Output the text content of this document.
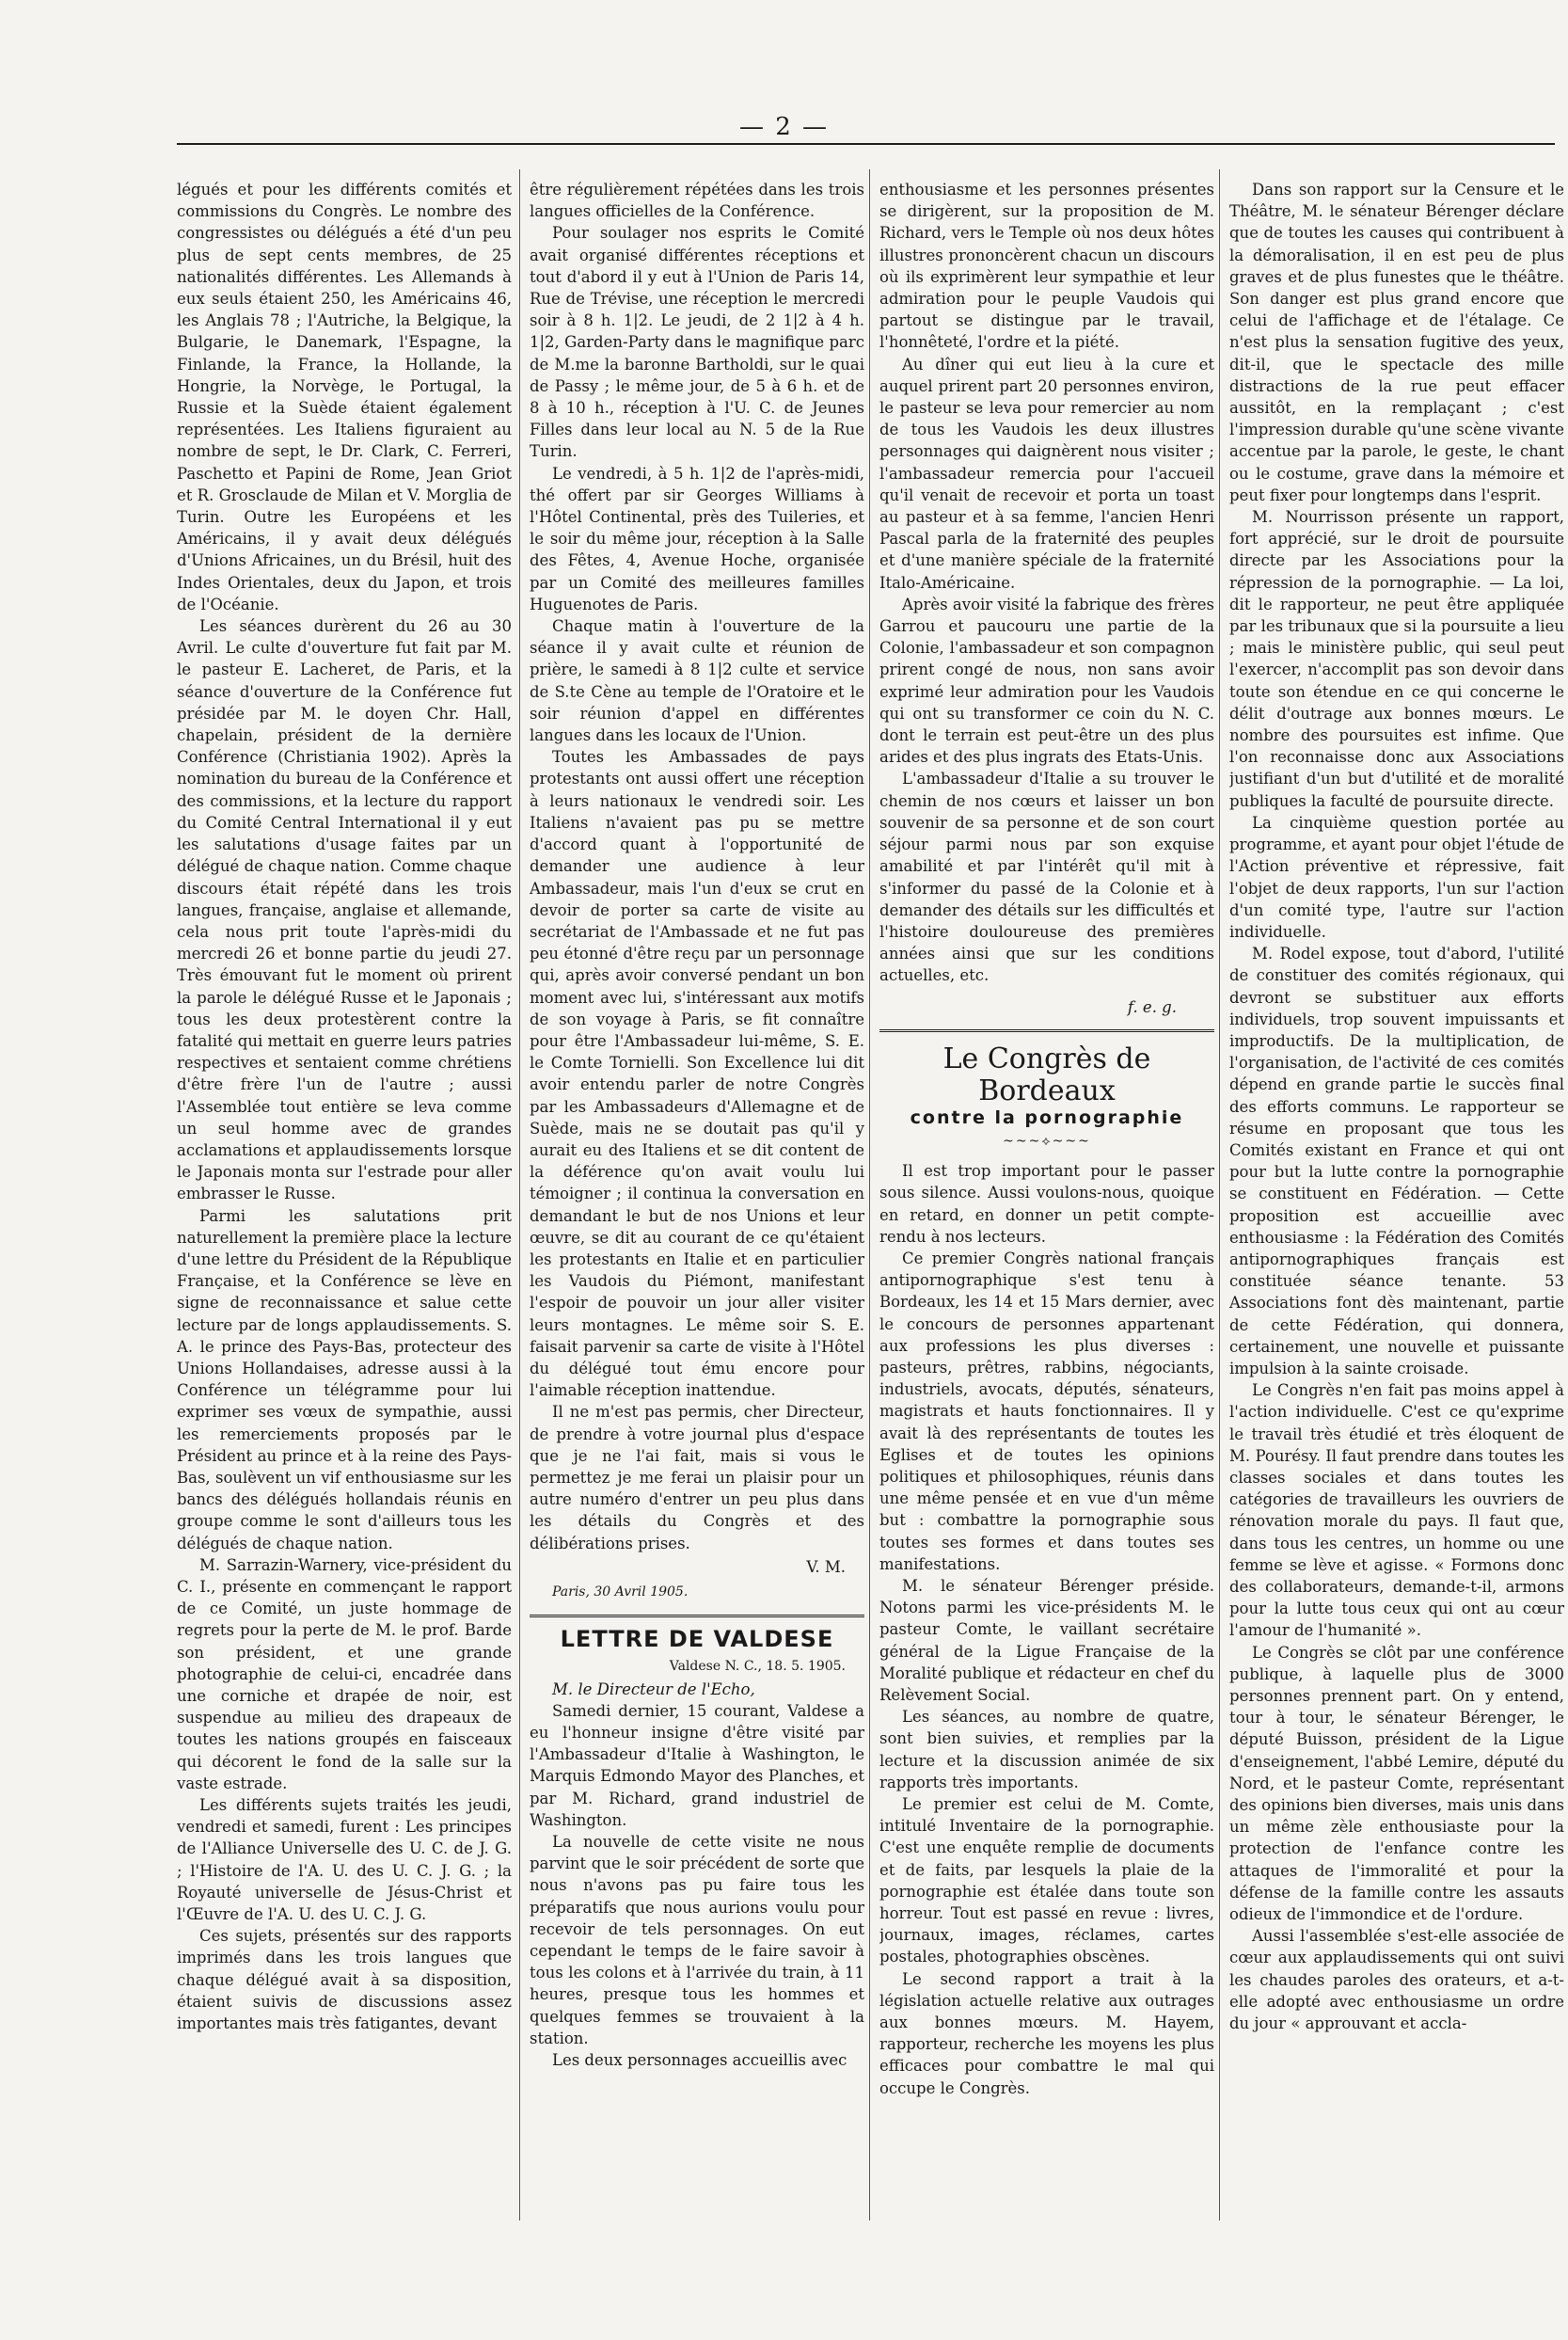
— 2 —

légués et pour les différents comités et commissions du Congrès. Le nombre des congressistes ou délégués a été d'un peu plus de sept cents membres, de 25 nationalités différentes. Les Allemands à eux seuls étaient 250, les Américains 46, les Anglais 78 ; l'Autriche, la Belgique, la Bulgarie, le Danemark, l'Espagne, la Finlande, la France, la Hollande, la Hongrie, la Norvège, le Portugal, la Russie et la Suède étaient également représentées. Les Italiens figuraient au nombre de sept, le Dr. Clark, C. Ferreri, Paschetto et Papini de Rome, Jean Griot et R. Grosclaude de Milan et V. Morglia de Turin. Outre les Européens et les Américains, il y avait deux délégués d'Unions Africaines, un du Brésil, huit des Indes Orientales, deux du Japon, et trois de l'Océanie.

Les séances durèrent du 26 au 30 Avril. Le culte d'ouverture fut fait par M. le pasteur E. Lacheret, de Paris, et la séance d'ouverture de la Conférence fut présidée par M. le doyen Chr. Hall, chapelain, président de la dernière Conférence (Christiania 1902). Après la nomination du bureau de la Conférence et des commissions, et la lecture du rapport du Comité Central International il y eut les salutations d'usage faites par un délégué de chaque nation. Comme chaque discours était répété dans les trois langues, française, anglaise et allemande, cela nous prit toute l'après-midi du mercredi 26 et bonne partie du jeudi 27. Très émouvant fut le moment où prirent la parole le délégué Russe et le Japonais ; tous les deux protestèrent contre la fatalité qui mettait en guerre leurs patries respectives et sentaient comme chrétiens d'être frère l'un de l'autre ; aussi l'Assemblée tout entière se leva comme un seul homme avec de grandes acclamations et applaudissements lorsque le Japonais monta sur l'estrade pour aller embrasser le Russe.

Parmi les salutations prit naturellement la première place la lecture d'une lettre du Président de la République Française, et la Conférence se lève en signe de reconnaissance et salue cette lecture par de longs applaudissements. S. A. le prince des Pays-Bas, protecteur des Unions Hollandaises, adresse aussi à la Conférence un télégramme pour lui exprimer ses vœux de sympathie, aussi les remerciements proposés par le Président au prince et à la reine des Pays-Bas, soulèvent un vif enthousiasme sur les bancs des délégués hollandais réunis en groupe comme le sont d'ailleurs tous les délégués de chaque nation.

M. Sarrazin-Warnery, vice-président du C. I., présente en commençant le rapport de ce Comité, un juste hommage de regrets pour la perte de M. le prof. Barde son président, et une grande photographie de celui-ci, encadrée dans une corniche et drapée de noir, est suspendue au milieu des drapeaux de toutes les nations groupés en faisceaux qui décorent le fond de la salle sur la vaste estrade.

Les différents sujets traités les jeudi, vendredi et samedi, furent : Les principes de l'Alliance Universelle des U. C. de J. G. ; l'Histoire de l'A. U. des U. C. J. G. ; la Royauté universelle de Jésus-Christ et l'Œuvre de l'A. U. des U. C. J. G.

Ces sujets, présentés sur des rapports imprimés dans les trois langues que chaque délégué avait à sa disposition, étaient suivis de discussions assez importantes mais très fatigantes, devant

être régulièrement répétées dans les trois langues officielles de la Conférence.

Pour soulager nos esprits le Comité avait organisé différentes réceptions et tout d'abord il y eut à l'Union de Paris 14, Rue de Trévise, une réception le mercredi soir à 8 h. 1|2. Le jeudi, de 2 1|2 à 4 h. 1|2, Garden-Party dans le magnifique parc de M.me la baronne Bartholdi, sur le quai de Passy ; le même jour, de 5 à 6 h. et de 8 à 10 h., réception à l'U. C. de Jeunes Filles dans leur local au N. 5 de la Rue Turin.

Le vendredi, à 5 h. 1|2 de l'après-midi, thé offert par sir Georges Williams à l'Hôtel Continental, près des Tuileries, et le soir du même jour, réception à la Salle des Fêtes, 4, Avenue Hoche, organisée par un Comité des meilleures familles Huguenotes de Paris.

Chaque matin à l'ouverture de la séance il y avait culte et réunion de prière, le samedi à 8 1|2 culte et service de S.te Cène au temple de l'Oratoire et le soir réunion d'appel en différentes langues dans les locaux de l'Union.

Toutes les Ambassades de pays protestants ont aussi offert une réception à leurs nationaux le vendredi soir. Les Italiens n'avaient pas pu se mettre d'accord quant à l'opportunité de demander une audience à leur Ambassadeur, mais l'un d'eux se crut en devoir de porter sa carte de visite au secrétariat de l'Ambassade et ne fut pas peu étonné d'être reçu par un personnage qui, après avoir conversé pendant un bon moment avec lui, s'intéressant aux motifs de son voyage à Paris, se fit connaître pour être l'Ambassadeur lui-même, S. E. le Comte Tornielli. Son Excellence lui dit avoir entendu parler de notre Congrès par les Ambassadeurs d'Allemagne et de Suède, mais ne se doutait pas qu'il y aurait eu des Italiens et se dit content de la déférence qu'on avait voulu lui témoigner ; il continua la conversation en demandant le but de nos Unions et leur œuvre, se dit au courant de ce qu'étaient les protestants en Italie et en particulier les Vaudois du Piémont, manifestant l'espoir de pouvoir un jour aller visiter leurs montagnes. Le même soir S. E. faisait parvenir sa carte de visite à l'Hôtel du délégué tout ému encore pour l'aimable réception inattendue.

Il ne m'est pas permis, cher Directeur, de prendre à votre journal plus d'espace que je ne l'ai fait, mais si vous le permettez je me ferai un plaisir pour un autre numéro d'entrer un peu plus dans les détails du Congrès et des délibérations prises.

V. M.
Paris, 30 Avril 1905.
LETTRE DE VALDESE
Valdese N. C., 18. 5. 1905.
M. le Directeur de l'Echo,

Samedi dernier, 15 courant, Valdese a eu l'honneur insigne d'être visité par l'Ambassadeur d'Italie à Washington, le Marquis Edmondo Mayor des Planches, et par M. Richard, grand industriel de Washington.

La nouvelle de cette visite ne nous parvint que le soir précédent de sorte que nous n'avons pas pu faire tous les préparatifs que nous aurions voulu pour recevoir de tels personnages. On eut cependant le temps de le faire savoir à tous les colons et à l'arrivée du train, à 11 heures, presque tous les hommes et quelques femmes se trouvaient à la station.

Les deux personnages accueillis avec

enthousiasme et les personnes présentes se dirigèrent, sur la proposition de M. Richard, vers le Temple où nos deux hôtes illustres prononcèrent chacun un discours où ils exprimèrent leur sympathie et leur admiration pour le peuple Vaudois qui partout se distingue par le travail, l'honnêteté, l'ordre et la piété.

Au dîner qui eut lieu à la cure et auquel prirent part 20 personnes environ, le pasteur se leva pour remercier au nom de tous les Vaudois les deux illustres personnages qui daignèrent nous visiter ; l'ambassadeur remercia pour l'accueil qu'il venait de recevoir et porta un toast au pasteur et à sa femme, l'ancien Henri Pascal parla de la fraternité des peuples et d'une manière spéciale de la fraternité Italo-Américaine.

Après avoir visité la fabrique des frères Garrou et paucouru une partie de la Colonie, l'ambassadeur et son compagnon prirent congé de nous, non sans avoir exprimé leur admiration pour les Vaudois qui ont su transformer ce coin du N. C. dont le terrain est peut-être un des plus arides et des plus ingrats des Etats-Unis.

L'ambassadeur d'Italie a su trouver le chemin de nos cœurs et laisser un bon souvenir de sa personne et de son court séjour parmi nous par son exquise amabilité et par l'intérêt qu'il mit à s'informer du passé de la Colonie et à demander des détails sur les difficultés et l'histoire douloureuse des premières années ainsi que sur les conditions actuelles, etc.

f. e. g.
Le Congrès de Bordeaux
contre la pornographie
~~~⟡~~~

Il est trop important pour le passer sous silence. Aussi voulons-nous, quoique en retard, en donner un petit compte-rendu à nos lecteurs.

Ce premier Congrès national français antipornographique s'est tenu à Bordeaux, les 14 et 15 Mars dernier, avec le concours de personnes appartenant aux professions les plus diverses : pasteurs, prêtres, rabbins, négociants, industriels, avocats, députés, sénateurs, magistrats et hauts fonctionnaires. Il y avait là des représentants de toutes les Eglises et de toutes les opinions politiques et philosophiques, réunis dans une même pensée et en vue d'un même but : combattre la pornographie sous toutes ses formes et dans toutes ses manifestations.

M. le sénateur Bérenger préside. Notons parmi les vice-présidents M. le pasteur Comte, le vaillant secrétaire général de la Ligue Française de la Moralité publique et rédacteur en chef du Relèvement Social.

Les séances, au nombre de quatre, sont bien suivies, et remplies par la lecture et la discussion animée de six rapports très importants.

Le premier est celui de M. Comte, intitulé Inventaire de la pornographie. C'est une enquête remplie de documents et de faits, par lesquels la plaie de la pornographie est étalée dans toute son horreur. Tout est passé en revue : livres, journaux, images, réclames, cartes postales, photographies obscènes.

Le second rapport a trait à la législation actuelle relative aux outrages aux bonnes mœurs. M. Hayem, rapporteur, recherche les moyens les plus efficaces pour combattre le mal qui occupe le Congrès.

Dans son rapport sur la Censure et le Théâtre, M. le sénateur Bérenger déclare que de toutes les causes qui contribuent à la démoralisation, il en est peu de plus graves et de plus funestes que le théâtre. Son danger est plus grand encore que celui de l'affichage et de l'étalage. Ce n'est plus la sensation fugitive des yeux, dit-il, que le spectacle des mille distractions de la rue peut effacer aussitôt, en la remplaçant ; c'est l'impression durable qu'une scène vivante accentue par la parole, le geste, le chant ou le costume, grave dans la mémoire et peut fixer pour longtemps dans l'esprit.

M. Nourrisson présente un rapport, fort apprécié, sur le droit de poursuite directe par les Associations pour la répression de la pornographie. — La loi, dit le rapporteur, ne peut être appliquée par les tribunaux que si la poursuite a lieu ; mais le ministère public, qui seul peut l'exercer, n'accomplit pas son devoir dans toute son étendue en ce qui concerne le délit d'outrage aux bonnes mœurs. Le nombre des poursuites est infime. Que l'on reconnaisse donc aux Associations justifiant d'un but d'utilité et de moralité publiques la faculté de poursuite directe.

La cinquième question portée au programme, et ayant pour objet l'étude de l'Action préventive et répressive, fait l'objet de deux rapports, l'un sur l'action d'un comité type, l'autre sur l'action individuelle.

M. Rodel expose, tout d'abord, l'utilité de constituer des comités régionaux, qui devront se substituer aux efforts individuels, trop souvent impuissants et improductifs. De la multiplication, de l'organisation, de l'activité de ces comités dépend en grande partie le succès final des efforts communs. Le rapporteur se résume en proposant que tous les Comités existant en France et qui ont pour but la lutte contre la pornographie se constituent en Fédération. — Cette proposition est accueillie avec enthousiasme : la Fédération des Comités antipornographiques français est constituée séance tenante. 53 Associations font dès maintenant, partie de cette Fédération, qui donnera, certainement, une nouvelle et puissante impulsion à la sainte croisade.

Le Congrès n'en fait pas moins appel à l'action individuelle. C'est ce qu'exprime le travail très étudié et très éloquent de M. Pourésy. Il faut prendre dans toutes les classes sociales et dans toutes les catégories de travailleurs les ouvriers de rénovation morale du pays. Il faut que, dans tous les centres, un homme ou une femme se lève et agisse. « Formons donc des collaborateurs, demande-t-il, armons pour la lutte tous ceux qui ont au cœur l'amour de l'humanité ».

Le Congrès se clôt par une conférence publique, à laquelle plus de 3000 personnes prennent part. On y entend, tour à tour, le sénateur Bérenger, le député Buisson, président de la Ligue d'enseignement, l'abbé Lemire, député du Nord, et le pasteur Comte, représentant des opinions bien diverses, mais unis dans un même zèle enthousiaste pour la protection de l'enfance contre les attaques de l'immoralité et pour la défense de la famille contre les assauts odieux de l'immondice et de l'ordure.

Aussi l'assemblée s'est-elle associée de cœur aux applaudissements qui ont suivi les chaudes paroles des orateurs, et a-t-elle adopté avec enthousiasme un ordre du jour « approuvant et accla-
